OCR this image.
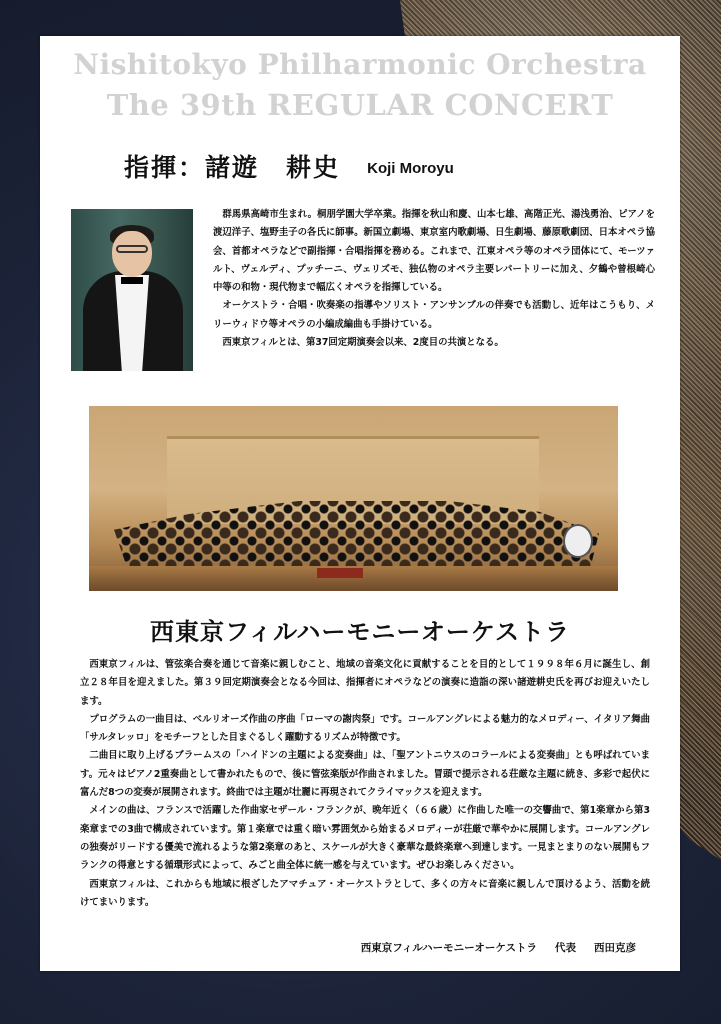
Nishitokyo Philharmonic Orchestra
The 39th REGULAR CONCERT
指揮：諸遊　耕史 Koji Moroyu

群馬県高崎市生まれ。桐朋学園大学卒業。指揮を秋山和慶、山本七雄、高階正光、湯浅勇治、ピアノを渡辺洋子、塩野圭子の各氏に師事。新国立劇場、東京室内歌劇場、日生劇場、藤原歌劇団、日本オペラ協会、首都オペラなどで副指揮・合唱指揮を務める。これまで、江東オペラ等のオペラ団体にて、モーツァルト、ヴェルディ、プッチーニ、ヴェリズモ、独仏物のオペラ主要レパートリーに加え、夕鶴や曾根崎心中等の和物・現代物まで幅広くオペラを指揮している。

オーケストラ・合唱・吹奏楽の指導やソリスト・アンサンブルの伴奏でも活動し、近年はこうもり、メリーウィドウ等オペラの小編成編曲も手掛けている。

西東京フィルとは、第37回定期演奏会以来、2度目の共演となる。

西東京フィルハーモニーオーケストラ

西東京フィルは、管弦楽合奏を通じて音楽に親しむこと、地域の音楽文化に貢献することを目的として１９９８年６月に誕生し、創立２８年目を迎えました。第３９回定期演奏会となる今回は、指揮者にオペラなどの演奏に造詣の深い諸遊耕史氏を再びお迎えいたします。

プログラムの一曲目は、ベルリオーズ作曲の序曲「ローマの謝肉祭」です。コールアングレによる魅力的なメロディー、イタリア舞曲「サルタレッロ」をモチーフとした目まぐるしく躍動するリズムが特徴です。

二曲目に取り上げるブラームスの「ハイドンの主題による変奏曲」は、「聖アントニウスのコラールによる変奏曲」とも呼ばれています。元々はピアノ2重奏曲として書かれたもので、後に管弦楽版が作曲されました。冒頭で提示される荘厳な主題に続き、多彩で起伏に富んだ8つの変奏が展開されます。終曲では主題が壮麗に再現されてクライマックスを迎えます。

メインの曲は、フランスで活躍した作曲家セザール・フランクが、晩年近く（６６歳）に作曲した唯一の交響曲で、第1楽章から第3楽章までの3曲で構成されています。第１楽章では重く暗い雰囲気から始まるメロディーが荘厳で華やかに展開します。コールアングレの独奏がリードする優美で流れるような第2楽章のあと、スケールが大きく豪華な最終楽章へ到達します。一見まとまりのない展開もフランクの得意とする循環形式によって、みごと曲全体に統一感を与えています。ぜひお楽しみください。

西東京フィルは、これからも地域に根ざしたアマチュア・オーケストラとして、多くの方々に音楽に親しんで頂けるよう、活動を続けてまいります。

西東京フィルハーモニーオーケストラ 代表 西田克彦
